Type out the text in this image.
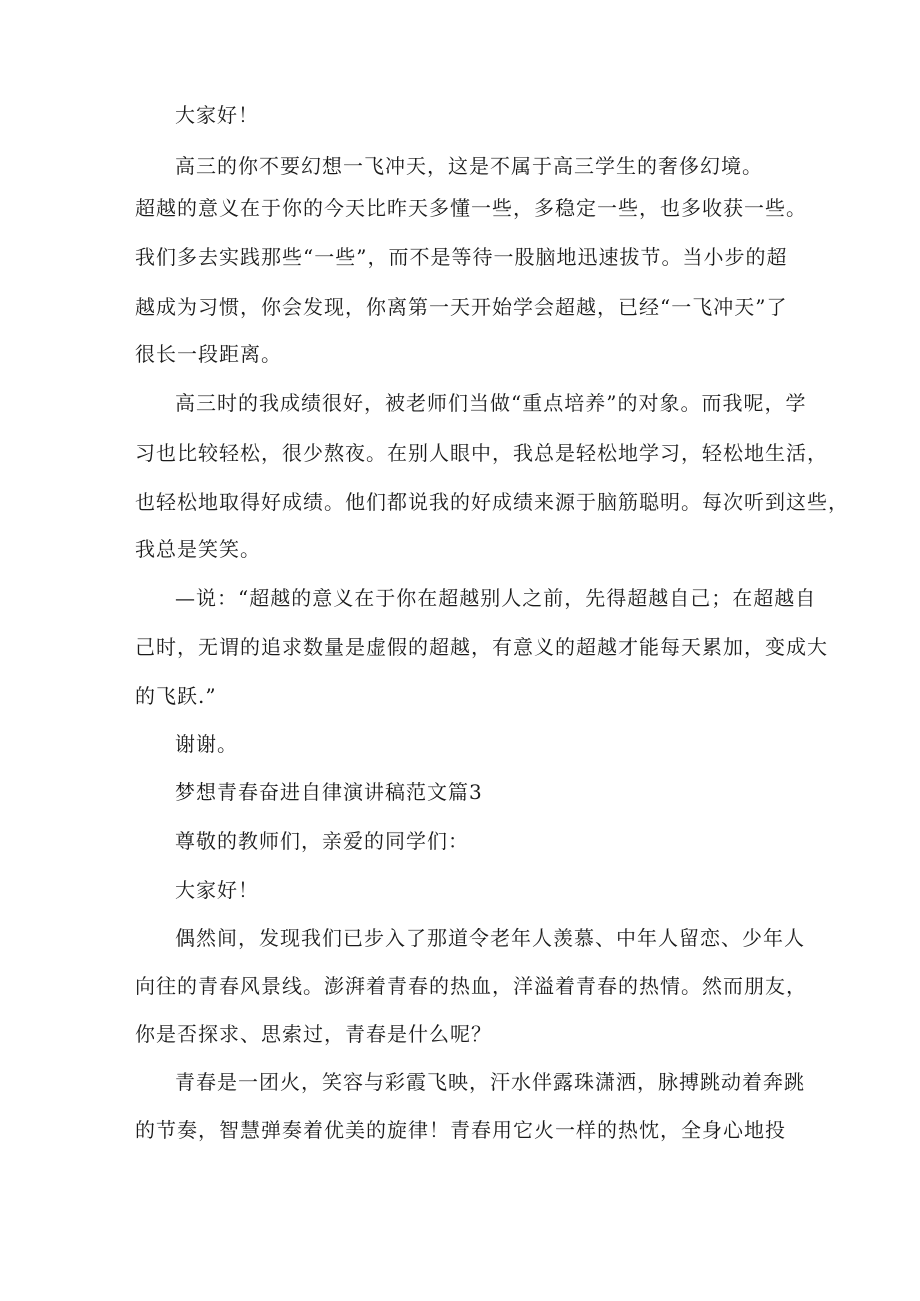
大家好！
高三的你不要幻想一飞冲天，这是不属于高三学生的奢侈幻境。
超越的意义在于你的今天比昨天多懂一些，多稳定一些，也多收获一些。
我们多去实践那些“一些”，而不是等待一股脑地迅速拔节。当小步的超
越成为习惯，你会发现，你离第一天开始学会超越，已经“一飞冲天”了
很长一段距离。
高三时的我成绩很好，被老师们当做“重点培养”的对象。而我呢，学
习也比较轻松，很少熬夜。在别人眼中，我总是轻松地学习，轻松地生活，
也轻松地取得好成绩。他们都说我的好成绩来源于脑筋聪明。每次听到这些，
我总是笑笑。
—说：“超越的意义在于你在超越别人之前，先得超越自己；在超越自
己时，无谓的追求数量是虚假的超越，有意义的超越才能每天累加，变成大
的飞跃.”
谢谢。
梦想青春奋进自律演讲稿范文篇3
尊敬的教师们，亲爱的同学们：
大家好！
偶然间，发现我们已步入了那道令老年人羡慕、中年人留恋、少年人
向往的青春风景线。澎湃着青春的热血，洋溢着青春的热情。然而朋友，
你是否探求、思索过，青春是什么呢？
青春是一团火，笑容与彩霞飞映，汗水伴露珠潇洒，脉搏跳动着奔跳
的节奏，智慧弹奏着优美的旋律！青春用它火一样的热忱，全身心地投
